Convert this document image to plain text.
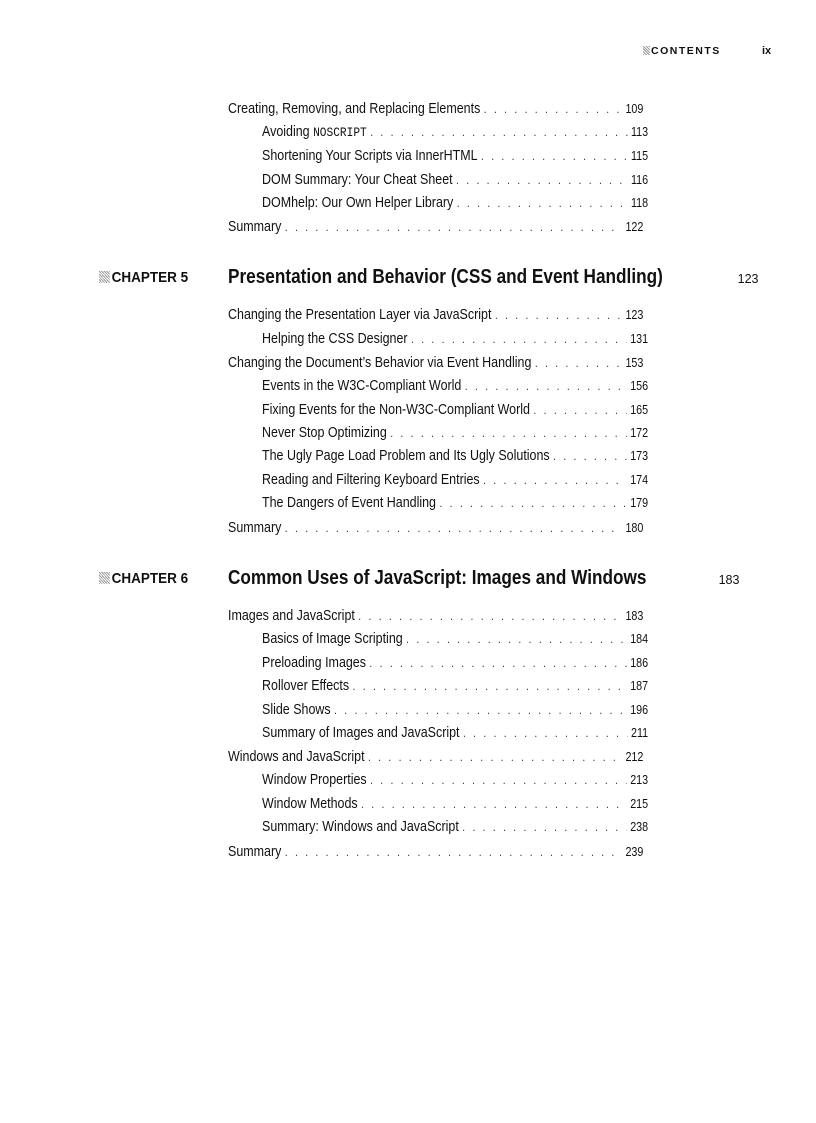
CONTENTS	ix
Creating, Removing, and Replacing Elements . . .	109
Avoiding NOSCRIPT . . .	113
Shortening Your Scripts via InnerHTML . . .	115
DOM Summary: Your Cheat Sheet . . .	116
DOMhelp: Our Own Helper Library . . .	118
Summary . . .	122
CHAPTER 5 Presentation and Behavior (CSS and Event Handling)	123
Changing the Presentation Layer via JavaScript . . .	123
Helping the CSS Designer . . .	131
Changing the Document’s Behavior via Event Handling . . .	153
Events in the W3C-Compliant World . . .	156
Fixing Events for the Non-W3C-Compliant World . . .	165
Never Stop Optimizing . . .	172
The Ugly Page Load Problem and Its Ugly Solutions . . .	173
Reading and Filtering Keyboard Entries . . .	174
The Dangers of Event Handling . . .	179
Summary . . .	180
CHAPTER 6 Common Uses of JavaScript: Images and Windows	183
Images and JavaScript . . .	183
Basics of Image Scripting . . .	184
Preloading Images . . .	186
Rollover Effects . . .	187
Slide Shows . . .	196
Summary of Images and JavaScript . . .	211
Windows and JavaScript . . .	212
Window Properties . . .	213
Window Methods . . .	215
Summary: Windows and JavaScript . . .	238
Summary . . .	239
